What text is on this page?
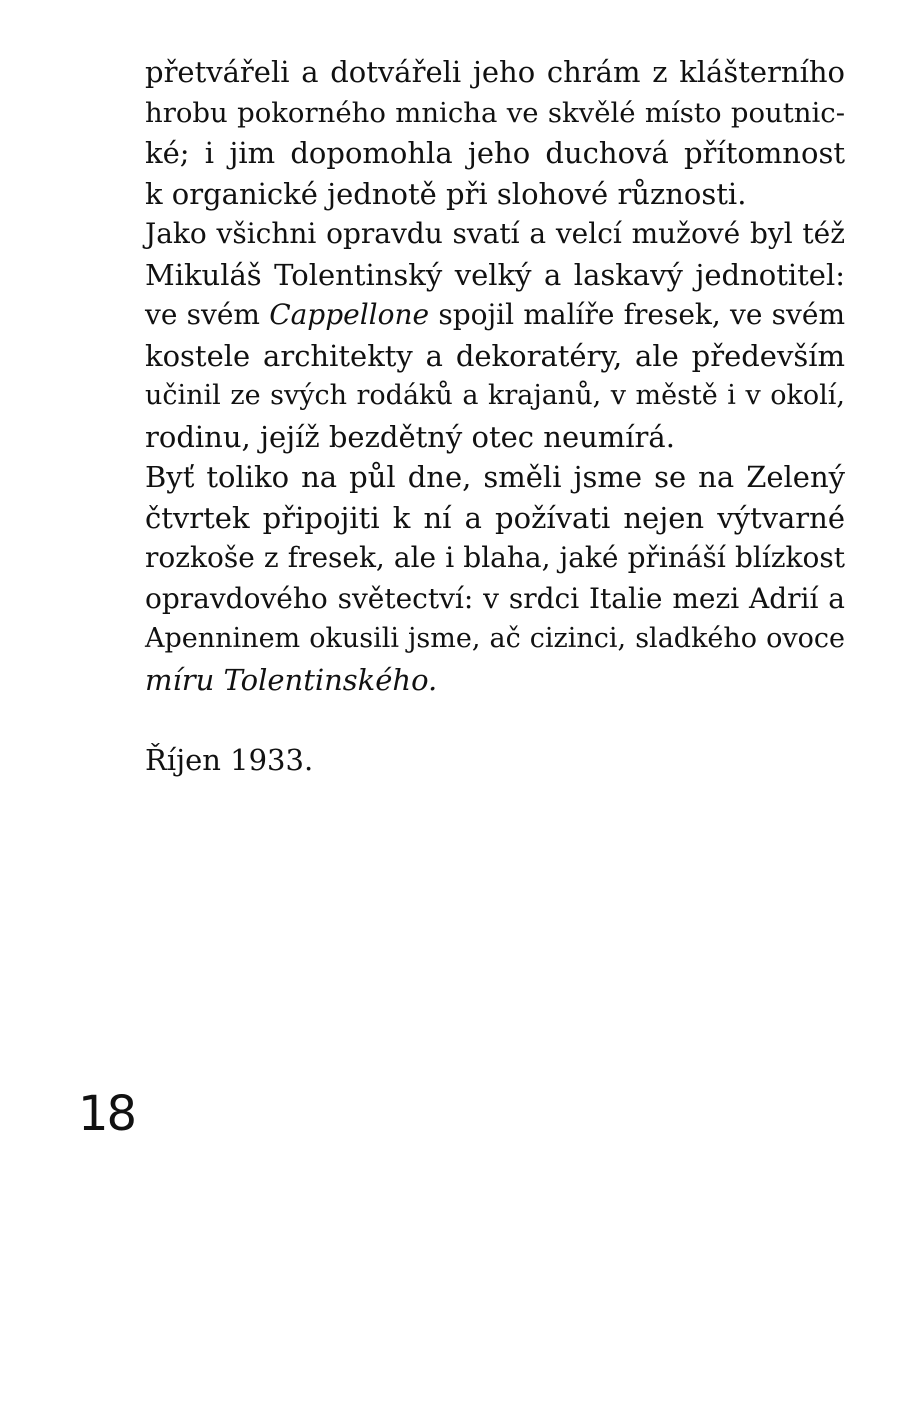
přetvářeli a dotvářeli jeho chrám z klášterního
hrobu pokorného mnicha ve skvělé místo poutnic-
ké; i jim dopomohla jeho duchová přítomnost
k organické jednotě při slohové různosti.
Jako všichni opravdu svatí a velcí mužové byl též
Mikuláš Tolentinský velký a laskavý jednotitel:
ve svém Cappellone spojil malíře fresek, ve svém
kostele architekty a dekoratéry, ale především
učinil ze svých rodáků a krajanů, v městě i v okolí,
rodinu, jejíž bezdětný otec neumírá.
Byť toliko na půl dne, směli jsme se na Zelený
čtvrtek připojiti k ní a požívati nejen výtvarné
rozkoše z fresek, ale i blaha, jaké přináší blízkost
opravdového světectví: v srdci Italie mezi Adrií a
Apenninem okusili jsme, ač cizinci, sladkého ovoce
míru Tolentinského.
Říjen 1933.
18
